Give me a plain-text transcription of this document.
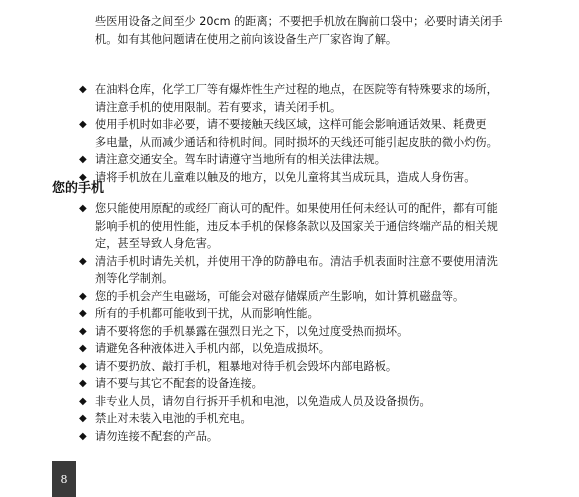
些医用设备之间至少 20cm 的距离；不要把手机放在胸前口袋中；必要时请关闭手

机。如有其他问题请在使用之前向该设备生产厂家咨询了解。

◆ 在油料仓库，化学工厂等有爆炸性生产过程的地点，在医院等有特殊要求的场所，
请注意手机的使用限制。若有要求，请关闭手机。
◆ 使用手机时如非必要，请不要接触天线区域，这样可能会影响通话效果、耗费更
多电量，从而减少通话和待机时间。同时损坏的天线还可能引起皮肤的微小灼伤。
◆ 请注意交通安全。驾车时请遵守当地所有的相关法律法规。
◆ 请将手机放在儿童难以触及的地方，以免儿童将其当成玩具，造成人身伤害。
您的手机
◆ 您只能使用原配的或经厂商认可的配件。如果使用任何未经认可的配件，都有可能
影响手机的使用性能，违反本手机的保修条款以及国家关于通信终端产品的相关规
定，甚至导致人身危害。
◆ 清洁手机时请先关机，并使用干净的防静电布。清洁手机表面时注意不要使用清洗
剂等化学制剂。
◆ 您的手机会产生电磁场，可能会对磁存储媒质产生影响，如计算机磁盘等。
◆ 所有的手机都可能收到干扰，从而影响性能。
◆ 请不要将您的手机暴露在强烈日光之下，以免过度受热而损坏。
◆ 请避免各种液体进入手机内部，以免造成损坏。
◆ 请不要扔放、敲打手机，粗暴地对待手机会毁坏内部电路板。
◆ 请不要与其它不配套的设备连接。
◆ 非专业人员，请勿自行拆开手机和电池，以免造成人员及设备损伤。
◆ 禁止对未装入电池的手机充电。
◆ 请勿连接不配套的产品。
8
